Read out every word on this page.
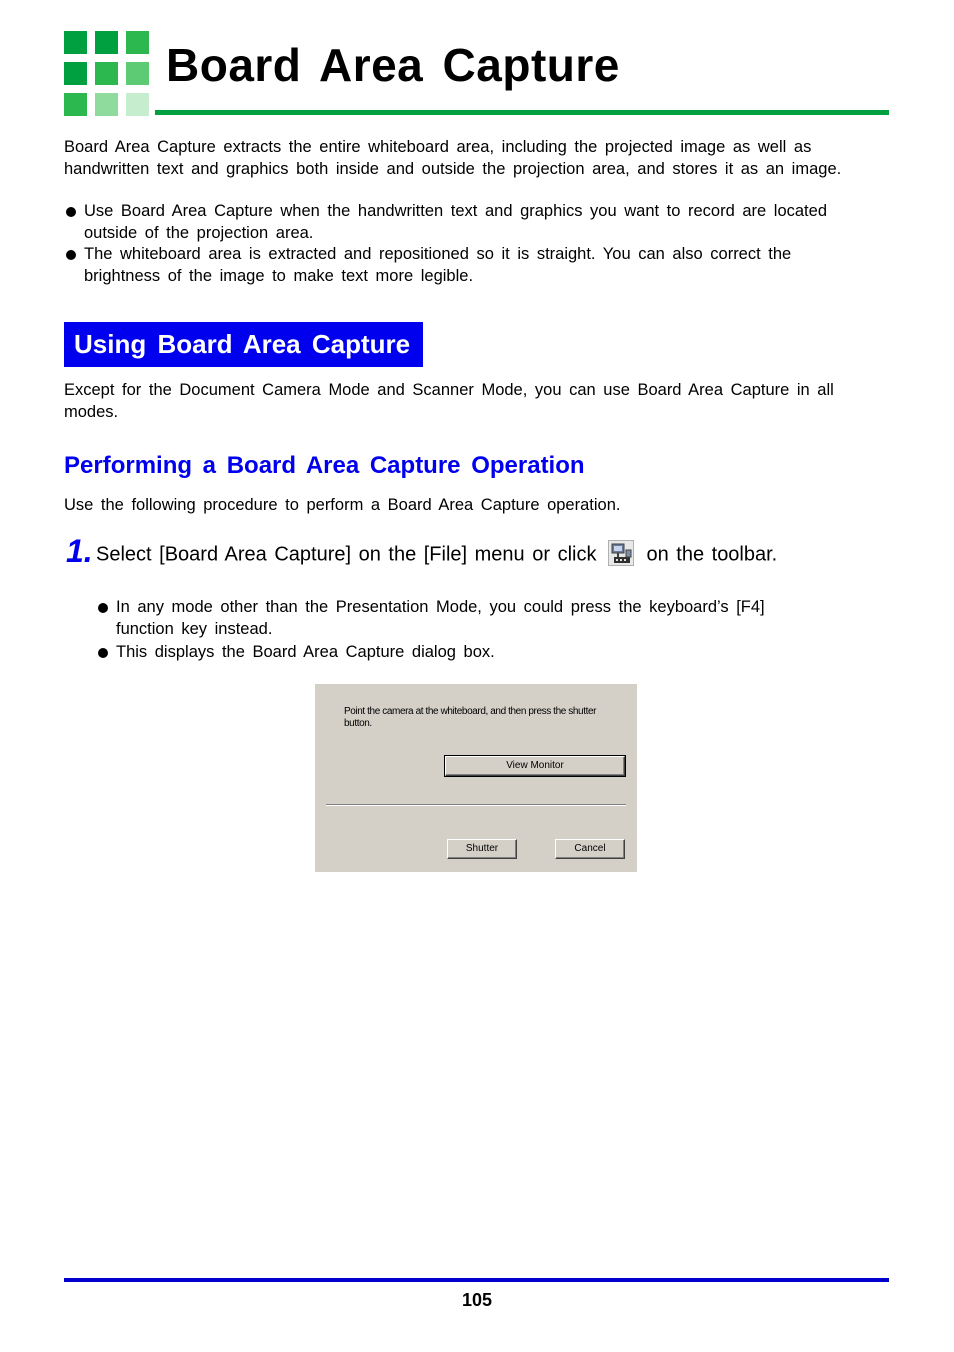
Board Area Capture

Board Area Capture extracts the entire whiteboard area, including the projected image as well as handwritten text and graphics both inside and outside the projection area, and stores it as an image.

Use Board Area Capture when the handwritten text and graphics you want to record are located outside of the projection area.
The whiteboard area is extracted and repositioned so it is straight. You can also correct the brightness of the image to make text more legible.
Using Board Area Capture

Except for the Document Camera Mode and Scanner Mode, you can use Board Area Capture in all modes.

Performing a Board Area Capture Operation

Use the following procedure to perform a Board Area Capture operation.

1. Select [Board Area Capture] on the [File] menu or click	on the toolbar.

In any mode other than the Presentation Mode, you could press the keyboard’s [F4] function key instead.
This displays the Board Area Capture dialog box.

Point the camera at the whiteboard, and then press the shutter button.

View Monitor
Shutter	Cancel
105
